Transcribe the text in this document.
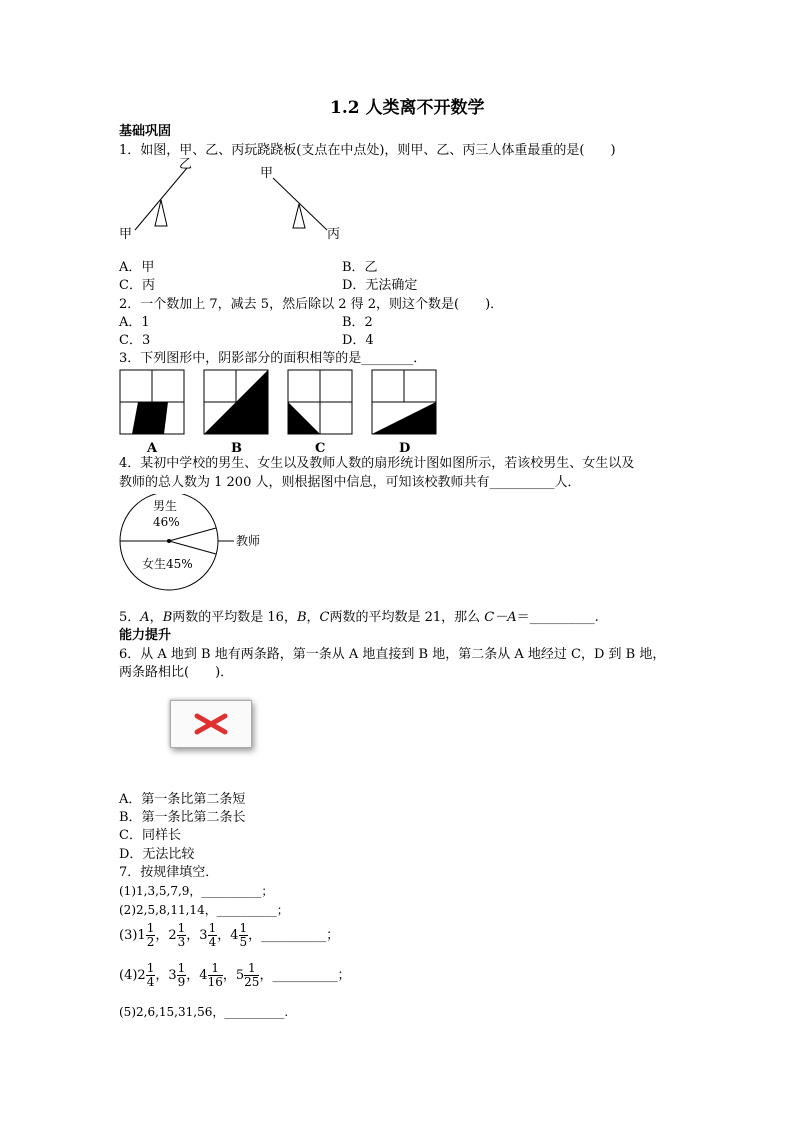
1.2 人类离不开数学
基础巩固
1．如图，甲、乙、丙玩跷跷板(支点在中点处)，则甲、乙、丙三人体重最重的是(　　)
乙
甲
甲
丙
A．甲	B．乙
C．丙	D．无法确定
2．一个数加上 7，减去 5，然后除以 2 得 2，则这个数是(　　)．
A．1	B．2
C．3	D．4
3．下列图形中，阴影部分的面积相等的是________．
A	B	C	D
4．某初中学校的男生、女生以及教师人数的扇形统计图如图所示，若该校男生、女生以及
教师的总人数为 1 200 人，则根据图中信息，可知该校教师共有__________人．
男生
46%
女生45%
教师
5．A，B两数的平均数是 16，B，C两数的平均数是 21，那么 C－A＝__________.
能力提升
6．从 A 地到 B 地有两条路，第一条从 A 地直接到 B 地，第二条从 A 地经过 C，D 到 B 地，
两条路相比(　　)．
A．第一条比第二条短
B．第一条比第二条长
C．同样长
D．无法比较
7．按规律填空．
(1)1,3,5,7,9，__________；
(2)2,5,8,11,14，__________；
$(3)1 \frac{1}{2}$ ，$2 \frac{1}{3}$ ，$3 \frac{1}{4}$ ，$4 \frac{1}{5}$ ，__________；
$(4)2 \frac{1}{4}$ ，$3 \frac{1}{9}$ ，$4 \frac{1}{16}$ ，$5 \frac{1}{25}$ ，__________；
(5)2,6,15,31,56，__________.
